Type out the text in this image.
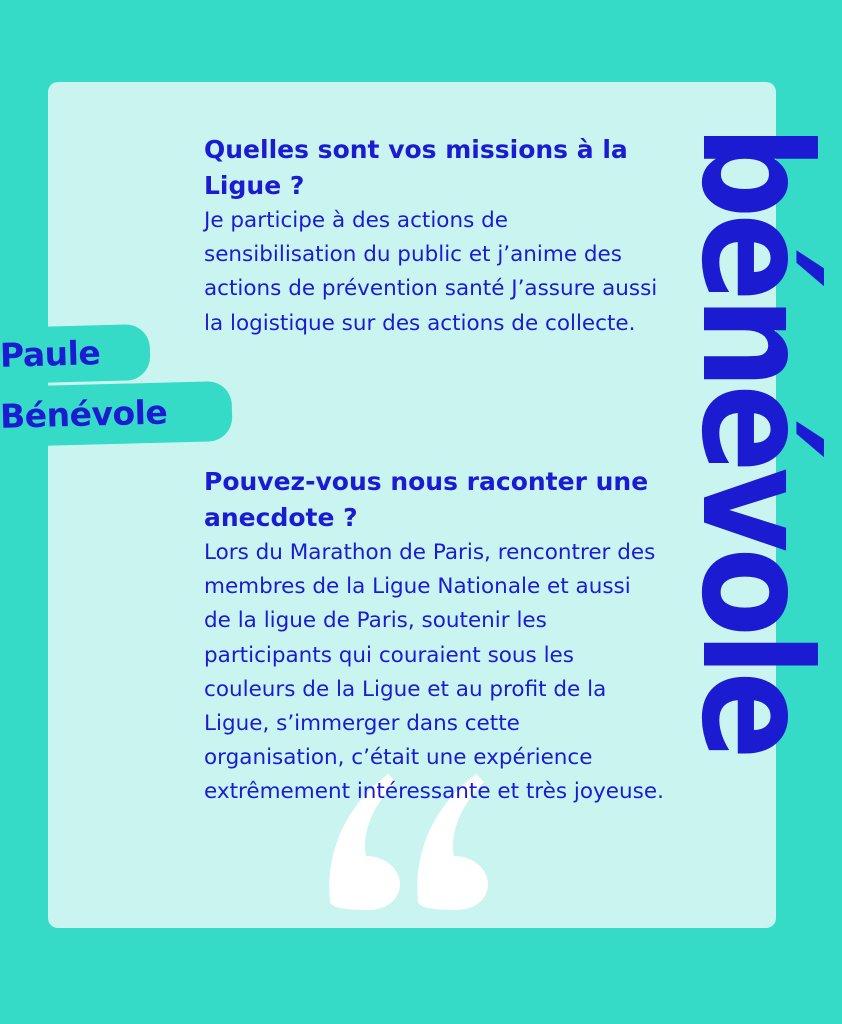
Quelles sont vos missions à la Ligue ?

Je participe à des actions de sensibilisation du public et j’anime des actions de prévention santé J’assure aussi la logistique sur des actions de collecte.

Pouvez-vous nous raconter une anecdote ?

Lors du Marathon de Paris, rencontrer des membres de la Ligue Nationale et aussi de la ligue de Paris, soutenir les participants qui couraient sous les couleurs de la Ligue et au profit de la Ligue, s’immerger dans cette organisation, c’était une expérience extrêmement intéressante et très joyeuse.

Paule
Bénévole	bénévole
